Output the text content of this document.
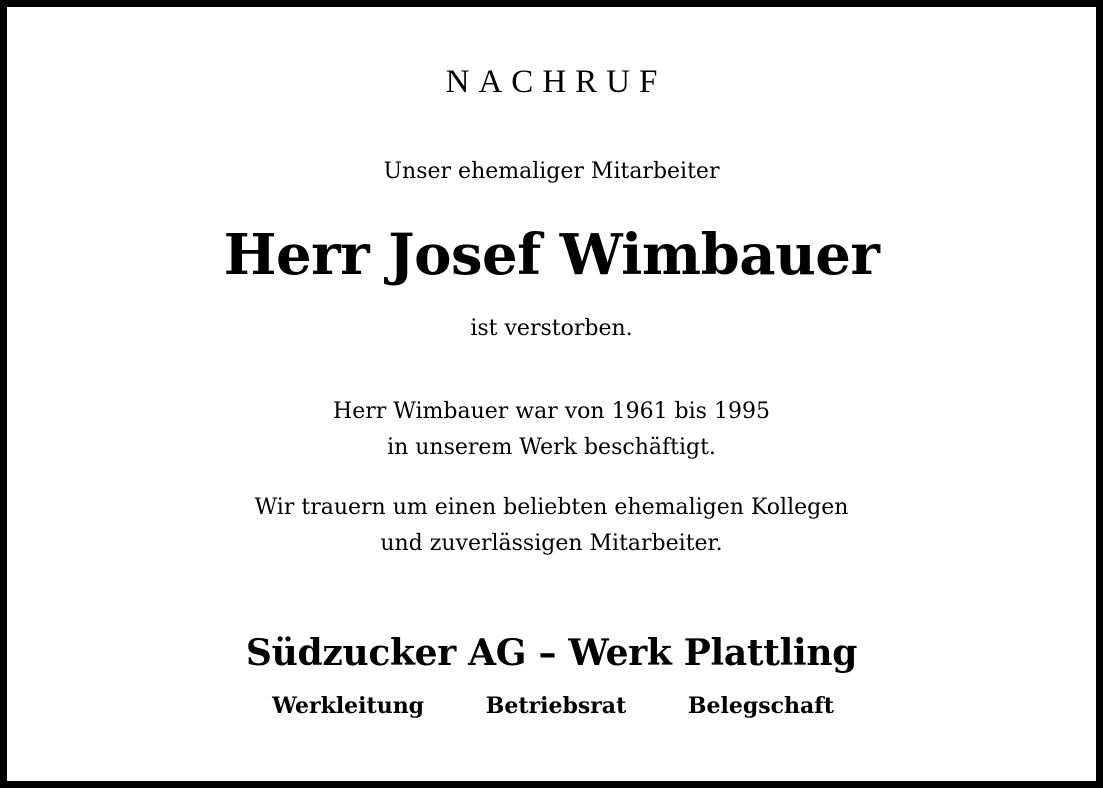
NACHRUF
Unser ehemaliger Mitarbeiter
Herr Josef Wimbauer
ist verstorben.
Herr Wimbauer war von 1961 bis 1995
in unserem Werk beschäftigt.
Wir trauern um einen beliebten ehemaligen Kollegen
und zuverlässigen Mitarbeiter.
Südzucker AG – Werk Plattling
Werkleitung	Betriebsrat	Belegschaft
